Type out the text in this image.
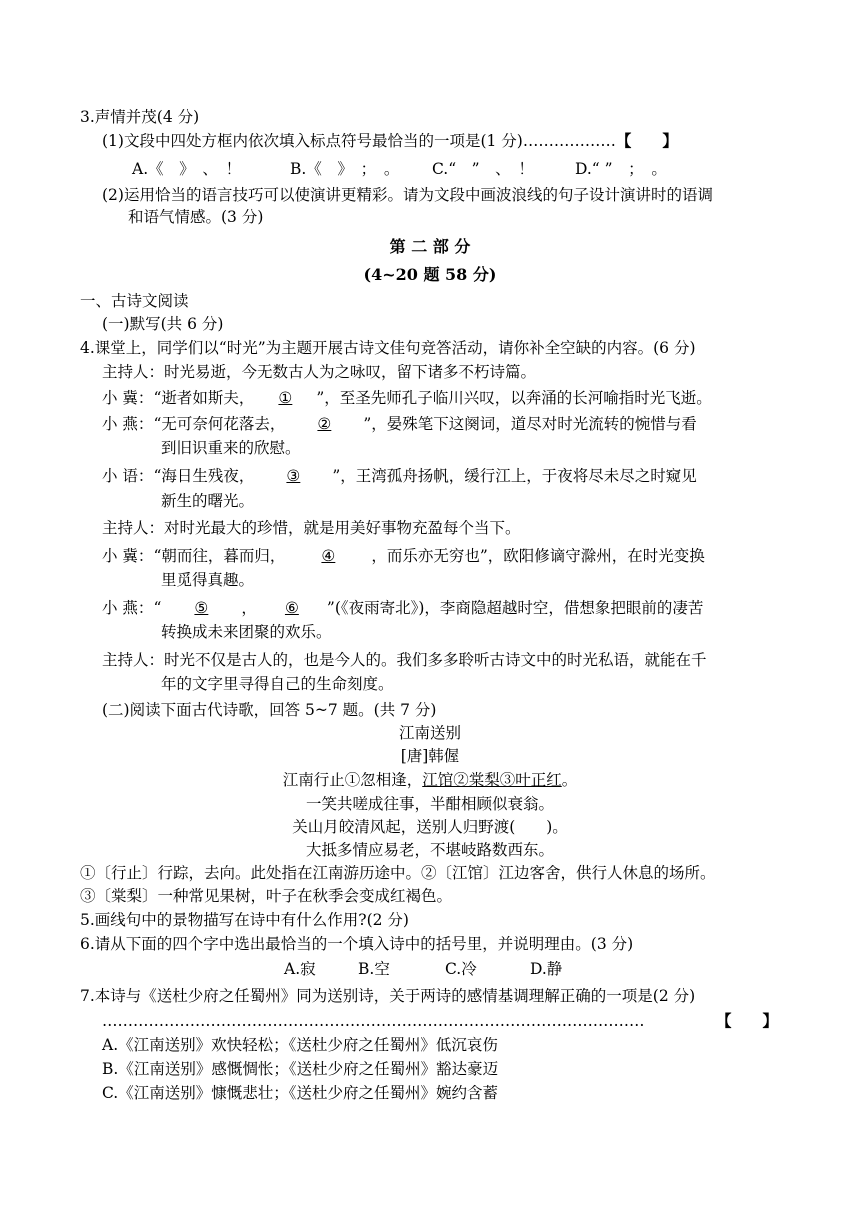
3.声情并茂(4 分)
(1)文段中四处方框内依次填入标点符号最恰当的一项是(1 分)………………【　　】
A.《　》　、　！	B.《　》　；　。 C.“　”　、　！	D.“ ”　；　。
(2)运用恰当的语言技巧可以使演讲更精彩。请为文段中画波浪线的句子设计演讲时的语调
和语气情感。(3 分)
第 二 部 分
(4~20 题 58 分)
一、古诗文阅读
(一)默写(共 6 分)
4.课堂上，同学们以“时光”为主题开展古诗文佳句竞答活动，请你补全空缺的内容。(6 分)
主持人：时光易逝，今无数古人为之咏叹，留下诸多不朽诗篇。
小 冀：“逝者如斯夫， ① ”，至圣先师孔子临川兴叹，以奔涌的长河喻指时光飞逝。
小 燕：“无可奈何花落去， ② ”，晏殊笔下这阕词，道尽对时光流转的惋惜与看
到旧识重来的欣慰。
小 语：“海日生残夜， ③ ”，王湾孤舟扬帆，缓行江上，于夜将尽未尽之时窥见
新生的曙光。
主持人：对时光最大的珍惜，就是用美好事物充盈每个当下。
小 冀：“朝而往，暮而归， ④ ，而乐亦无穷也”，欧阳修谪守滁州，在时光变换
里觅得真趣。
小 燕：“ ⑤ ， ⑥ ”(《夜雨寄北》)，李商隐超越时空，借想象把眼前的凄苦
转换成未来团聚的欢乐。
主持人：时光不仅是古人的，也是今人的。我们多多聆听古诗文中的时光私语，就能在千
年的文字里寻得自己的生命刻度。
(二)阅读下面古代诗歌，回答 5~7 题。(共 7 分)
江南送别
[唐]韩偓
江南行止①忽相逢，江馆②棠梨③叶正红。
一笑共嗟成往事，半酣相顾似衰翁。
关山月皎清风起，送别人归野渡(　　)。
大抵多情应易老，不堪岐路数西东。
①〔行止〕行踪，去向。此处指在江南游历途中。②〔江馆〕江边客舍，供行人休息的场所。
③〔棠梨〕一种常见果树，叶子在秋季会变成红褐色。
5.画线句中的景物描写在诗中有什么作用?(2 分)
6.请从下面的四个字中选出最恰当的一个填入诗中的括号里，并说明理由。(3 分)
A.寂	B.空	C.冷	D.静
7.本诗与《送杜少府之任蜀州》同为送别诗，关于两诗的感情基调理解正确的一项是(2 分)
……………………………………………………………………………………………	【　　】
A.《江南送别》欢快轻松；《送杜少府之任蜀州》低沉哀伤
B.《江南送别》感慨惆怅；《送杜少府之任蜀州》豁达豪迈
C.《江南送别》慷慨悲壮；《送杜少府之任蜀州》婉约含蓄
